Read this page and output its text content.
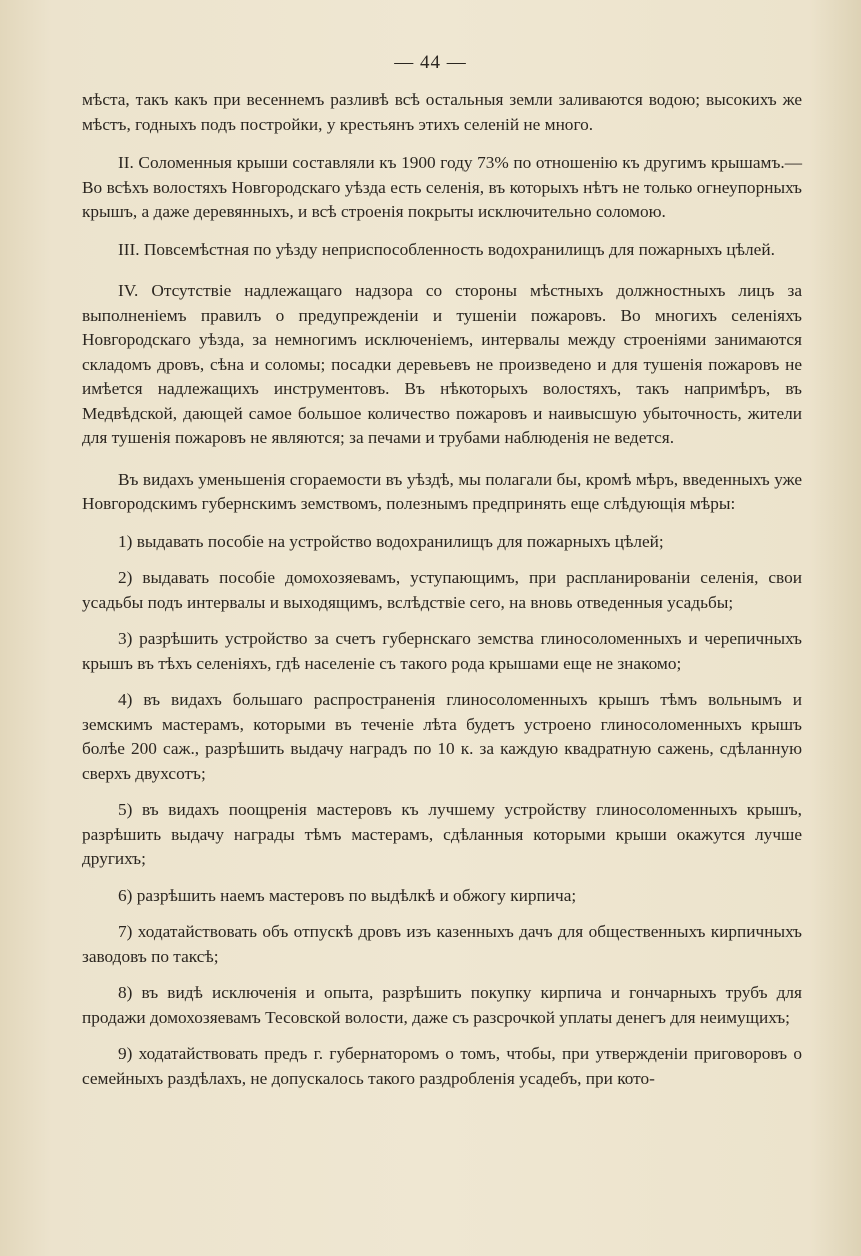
— 44 —

мѣста, такъ какъ при весеннемъ разливѣ всѣ остальныя земли заливаются водою; высокихъ же мѣстъ, годныхъ подъ постройки, у крестьянъ этихъ селеній не много.

II. Соломенныя крыши составляли къ 1900 году 73% по отношенію къ другимъ крышамъ.—Во всѣхъ волостяхъ Новгородскаго уѣзда есть селенія, въ которыхъ нѣтъ не только огнеупорныхъ крышъ, а даже деревянныхъ, и всѣ строенія покрыты исключительно соломою.

III. Повсемѣстная по уѣзду неприспособленность водохранилищъ для пожарныхъ цѣлей.

IV. Отсутствіе надлежащаго надзора со стороны мѣстныхъ должностныхъ лицъ за выполненіемъ правилъ о предупрежденіи и тушеніи пожаровъ. Во многихъ селеніяхъ Новгородскаго уѣзда, за немногимъ исключеніемъ, интервалы между строеніями занимаются складомъ дровъ, сѣна и соломы; посадки деревьевъ не произведено и для тушенія пожаровъ не имѣется надлежащихъ инструментовъ. Въ нѣкоторыхъ волостяхъ, такъ напримѣръ, въ Медвѣдской, дающей самое большое количество пожаровъ и наивысшую убыточность, жители для тушенія пожаровъ не являются; за печами и трубами наблюденія не ведется.

Въ видахъ уменьшенія сгораемости въ уѣздѣ, мы полагали бы, кромѣ мѣръ, введенныхъ уже Новгородскимъ губернскимъ земствомъ, полезнымъ предпринять еще слѣдующія мѣры:

1) выдавать пособіе на устройство водохранилищъ для пожарныхъ цѣлей;

2) выдавать пособіе домохозяевамъ, уступающимъ, при распланированіи селенія, свои усадьбы подъ интервалы и выходящимъ, вслѣдствіе сего, на вновь отведенныя усадьбы;

3) разрѣшить устройство за счетъ губернскаго земства глиносоломенныхъ и черепичныхъ крышъ въ тѣхъ селеніяхъ, гдѣ населеніе съ такого рода крышами еще не знакомо;

4) въ видахъ большаго распространенія глиносоломенныхъ крышъ тѣмъ вольнымъ и земскимъ мастерамъ, которыми въ теченіе лѣта будетъ устроено глиносоломенныхъ крышъ болѣе 200 саж., разрѣшить выдачу наградъ по 10 к. за каждую квадратную сажень, сдѣланную сверхъ двухсотъ;

5) въ видахъ поощренія мастеровъ къ лучшему устройству глиносоломенныхъ крышъ, разрѣшить выдачу награды тѣмъ мастерамъ, сдѣланныя которыми крыши окажутся лучше другихъ;

6) разрѣшить наемъ мастеровъ по выдѣлкѣ и обжогу кирпича;

7) ходатайствовать объ отпускѣ дровъ изъ казенныхъ дачъ для общественныхъ кирпичныхъ заводовъ по таксѣ;

8) въ видѣ исключенія и опыта, разрѣшить покупку кирпича и гончарныхъ трубъ для продажи домохозяевамъ Тесовской волости, даже съ разсрочкой уплаты денегъ для неимущихъ;

9) ходатайствовать предъ г. губернаторомъ о томъ, чтобы, при утвержденіи приговоровъ о семейныхъ раздѣлахъ, не допускалось такого раздробленія усадебъ, при кото-
